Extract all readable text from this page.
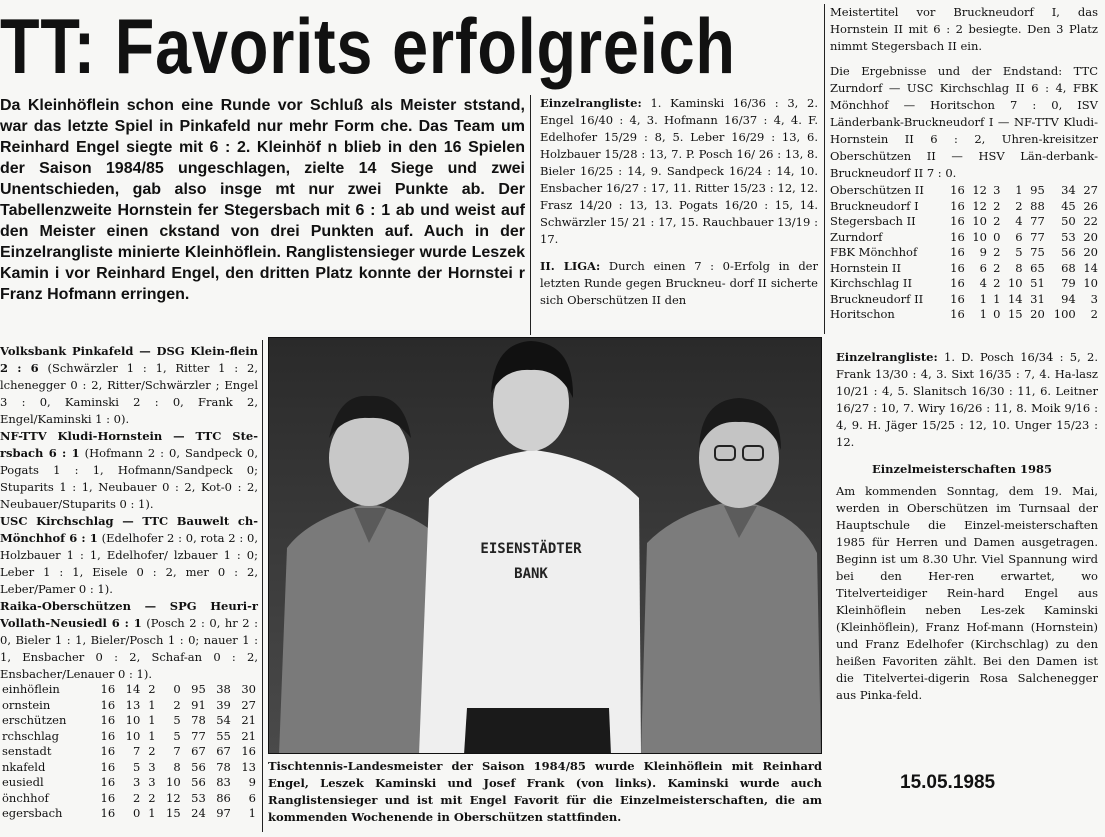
TT: Favorits erfolgreich
Da Kleinhöflein schon eine Runde vor Schluß als Meister ststand, war das letzte Spiel in Pinkafeld nur mehr Form che. Das Team um Reinhard Engel siegte mit 6 : 2. Kleinhöf n blieb in den 16 Spielen der Saison 1984/85 ungeschlagen, zielte 14 Siege und zwei Unentschieden, gab also insge mt nur zwei Punkte ab. Der Tabellenzweite Hornstein fer Stegersbach mit 6 : 1 ab und weist auf den Meister einen ckstand von drei Punkten auf. Auch in der Einzelrangliste minierte Kleinhöflein. Ranglistensieger wurde Leszek Kamin i vor Reinhard Engel, den dritten Platz konnte der Hornstei r Franz Hofmann erringen.

Volksbank Pinkafeld — DSG Klein-flein 2 : 6 (Schwärzler 1 : 1, Ritter 1 : 2, lchenegger 0 : 2, Ritter/Schwärzler ; Engel 3 : 0, Kaminski 2 : 0, Frank 2, Engel/Kaminski 1 : 0).

NF-TTV Kludi-Hornstein — TTC Ste-rsbach 6 : 1 (Hofmann 2 : 0, Sandpeck 0, Pogats 1 : 1, Hofmann/Sandpeck 0; Stuparits 1 : 1, Neubauer 0 : 2, Kot-0 : 2, Neubauer/Stuparits 0 : 1).

USC Kirchschlag — TTC Bauwelt ch-Mönchhof 6 : 1 (Edelhofer 2 : 0, rota 2 : 0, Holzbauer 1 : 1, Edelhofer/ lzbauer 1 : 0; Leber 1 : 1, Eisele 0 : 2, mer 0 : 2, Leber/Pamer 0 : 1).

Raika-Oberschützen — SPG Heuri-r Vollath-Neusiedl 6 : 1 (Posch 2 : 0, hr 2 : 0, Bieler 1 : 1, Bieler/Posch 1 : 0; nauer 1 : 1, Ensbacher 0 : 2, Schaf-an 0 : 2, Ensbacher/Lenauer 0 : 1).

einhöflein	16	14	2	0	95	38	30
ornstein	16	13	1	2	91	39	27
erschützen	16	10	1	5	78	54	21
rchschlag	16	10	1	5	77	55	21
senstadt	16	7	2	7	67	67	16
nkafeld	16	5	3	8	56	78	13
eusiedl	16	3	3	10	56	83	9
önchhof	16	2	2	12	53	86	6
egersbach	16	0	1	15	24	97	1

Einzelrangliste: 1. Kaminski 16/36 : 3, 2. Engel 16/40 : 4, 3. Hofmann 16/37 : 4, 4. F. Edelhofer 15/29 : 8, 5. Leber 16/29 : 13, 6. Holzbauer 15/28 : 13, 7. P. Posch 16/ 26 : 13, 8. Bieler 16/25 : 14, 9. Sandpeck 16/24 : 14, 10. Ensbacher 16/27 : 17, 11. Ritter 15/23 : 12, 12. Frasz 14/20 : 13, 13. Pogats 16/20 : 15, 14. Schwärzler 15/ 21 : 17, 15. Rauchbauer 13/19 : 17.

II. LIGA: Durch einen 7 : 0-Erfolg in der letzten Runde gegen Bruckneu- dorf II sicherte sich Oberschützen II den

Meistertitel vor Bruckneudorf I, das Hornstein II mit 6 : 2 besiegte. Den 3 Platz nimmt Stegersbach II ein.

Die Ergebnisse und der Endstand: TTC Zurndorf — USC Kirchschlag II 6 : 4, FBK Mönchhof — Horitschon 7 : 0, ISV Länderbank-Bruckneudorf I — NF-TTV Kludi-Hornstein II 6 : 2, Uhren-kreisitzer Oberschützen II — HSV Län-derbank-Bruckneudorf II 7 : 0.

Oberschützen II	16	12	3	1	95	34	27
Bruckneudorf I	16	12	2	2	88	45	26
Stegersbach II	16	10	2	4	77	50	22
Zurndorf	16	10	0	6	77	53	20
FBK Mönchhof	16	9	2	5	75	56	20
Hornstein II	16	6	2	8	65	68	14
Kirchschlag II	16	4	2	10	51	79	10
Bruckneudorf II	16	1	1	14	31	94	3
Horitschon	16	1	0	15	20	100	2

Einzelrangliste: 1. D. Posch 16/34 : 5, 2. Frank 13/30 : 4, 3. Sixt 16/35 : 7, 4. Ha-lasz 10/21 : 4, 5. Slanitsch 16/30 : 11, 6. Leitner 16/27 : 10, 7. Wiry 16/26 : 11, 8. Moik 9/16 : 4, 9. H. Jäger 15/25 : 12, 10. Unger 15/23 : 12.

Einzelmeisterschaften 1985

Am kommenden Sonntag, dem 19. Mai, werden in Oberschützen im Turnsaal der Hauptschule die Einzel-meisterschaften 1985 für Herren und Damen ausgetragen. Beginn ist um 8.30 Uhr. Viel Spannung wird bei den Her-ren erwartet, wo Titelverteidiger Rein-hard Engel aus Kleinhöflein neben Les-zek Kaminski (Kleinhöflein), Franz Hof-mann (Hornstein) und Franz Edelhofer (Kirchschlag) zu den heißen Favoriten zählt. Bei den Damen ist die Titelvertei-digerin Rosa Salchenegger aus Pinka-feld.

EISENSTÄDTER
BANK
Tischtennis-Landesmeister der Saison 1984/85 wurde Kleinhöflein mit Reinhard Engel, Leszek Kaminski und Josef Frank (von links). Kaminski wurde auch Ranglistensieger und ist mit Engel Favorit für die Einzelmeisterschaften, die am kommenden Wochenende in Oberschützen stattfinden.
15.05.1985
